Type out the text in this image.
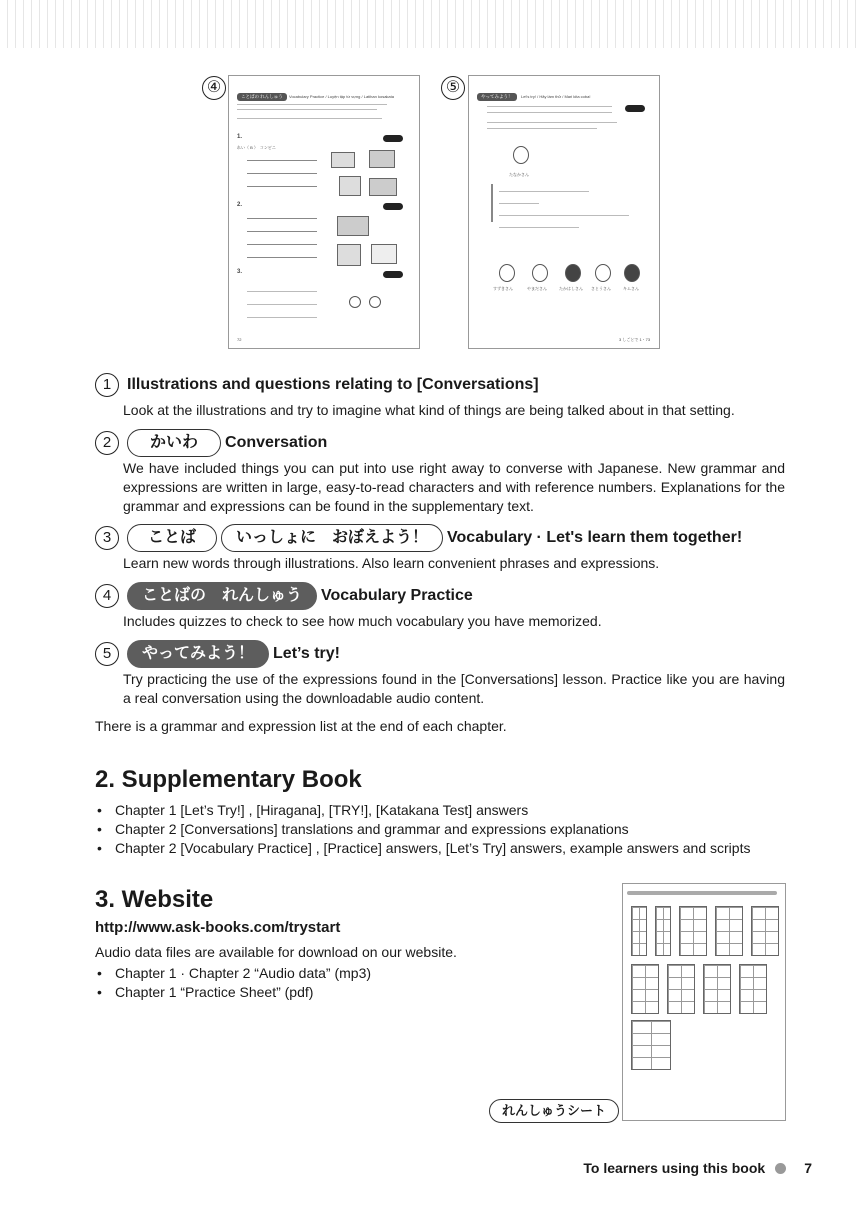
④
ことばの れんしゅう	Vocabulary Practice / Luyện tập từ vựng / Latihan kosakata
1.
れい（ B ）　コンビニ
2.
3.
72
⑤
やってみよう！	Let's try! / Hãy làm thử / Mari kita coba!
たなかさん
すずきさん	やまださん	たかはしさん さとうさん	キムさん
3 しごとで 1・73
1 Illustrations and questions relating to [Conversations]
Look at the illustrations and try to imagine what kind of things are being talked about in that setting.
2	かいわ	Conversation
We have included things you can put into use right away to converse with Japanese. New grammar and expressions are written in large, easy-to-read characters and with reference numbers. Explanations for the grammar and expressions can be found in the supplementary text.
3	ことば	いっしょに　おぼえよう！	Vocabulary · Let's learn them together!
Learn new words through illustrations. Also learn convenient phrases and expressions.
4	ことばの　れんしゅう	Vocabulary Practice
Includes quizzes to check to see how much vocabulary you have memorized.
5	やってみよう！	Let’s try!
Try practicing the use of the expressions found in the [Conversations] lesson. Practice like you are having a real conversation using the downloadable audio content.
There is a grammar and expression list at the end of each chapter.
2. Supplementary Book
• Chapter 1 [Let’s Try!] , [Hiragana], [TRY!], [Katakana Test] answers
• Chapter 2 [Conversations] translations and grammar and expressions explanations
• Chapter 2 [Vocabulary Practice] , [Practice] answers, [Let’s Try] answers, example answers and scripts
3. Website
http://www.ask-books.com/trystart
Audio data files are available for download on our website.
• Chapter 1 · Chapter 2 “Audio data” (mp3)
• Chapter 1 “Practice Sheet” (pdf)
れんしゅうシート
To learners using this book	7
